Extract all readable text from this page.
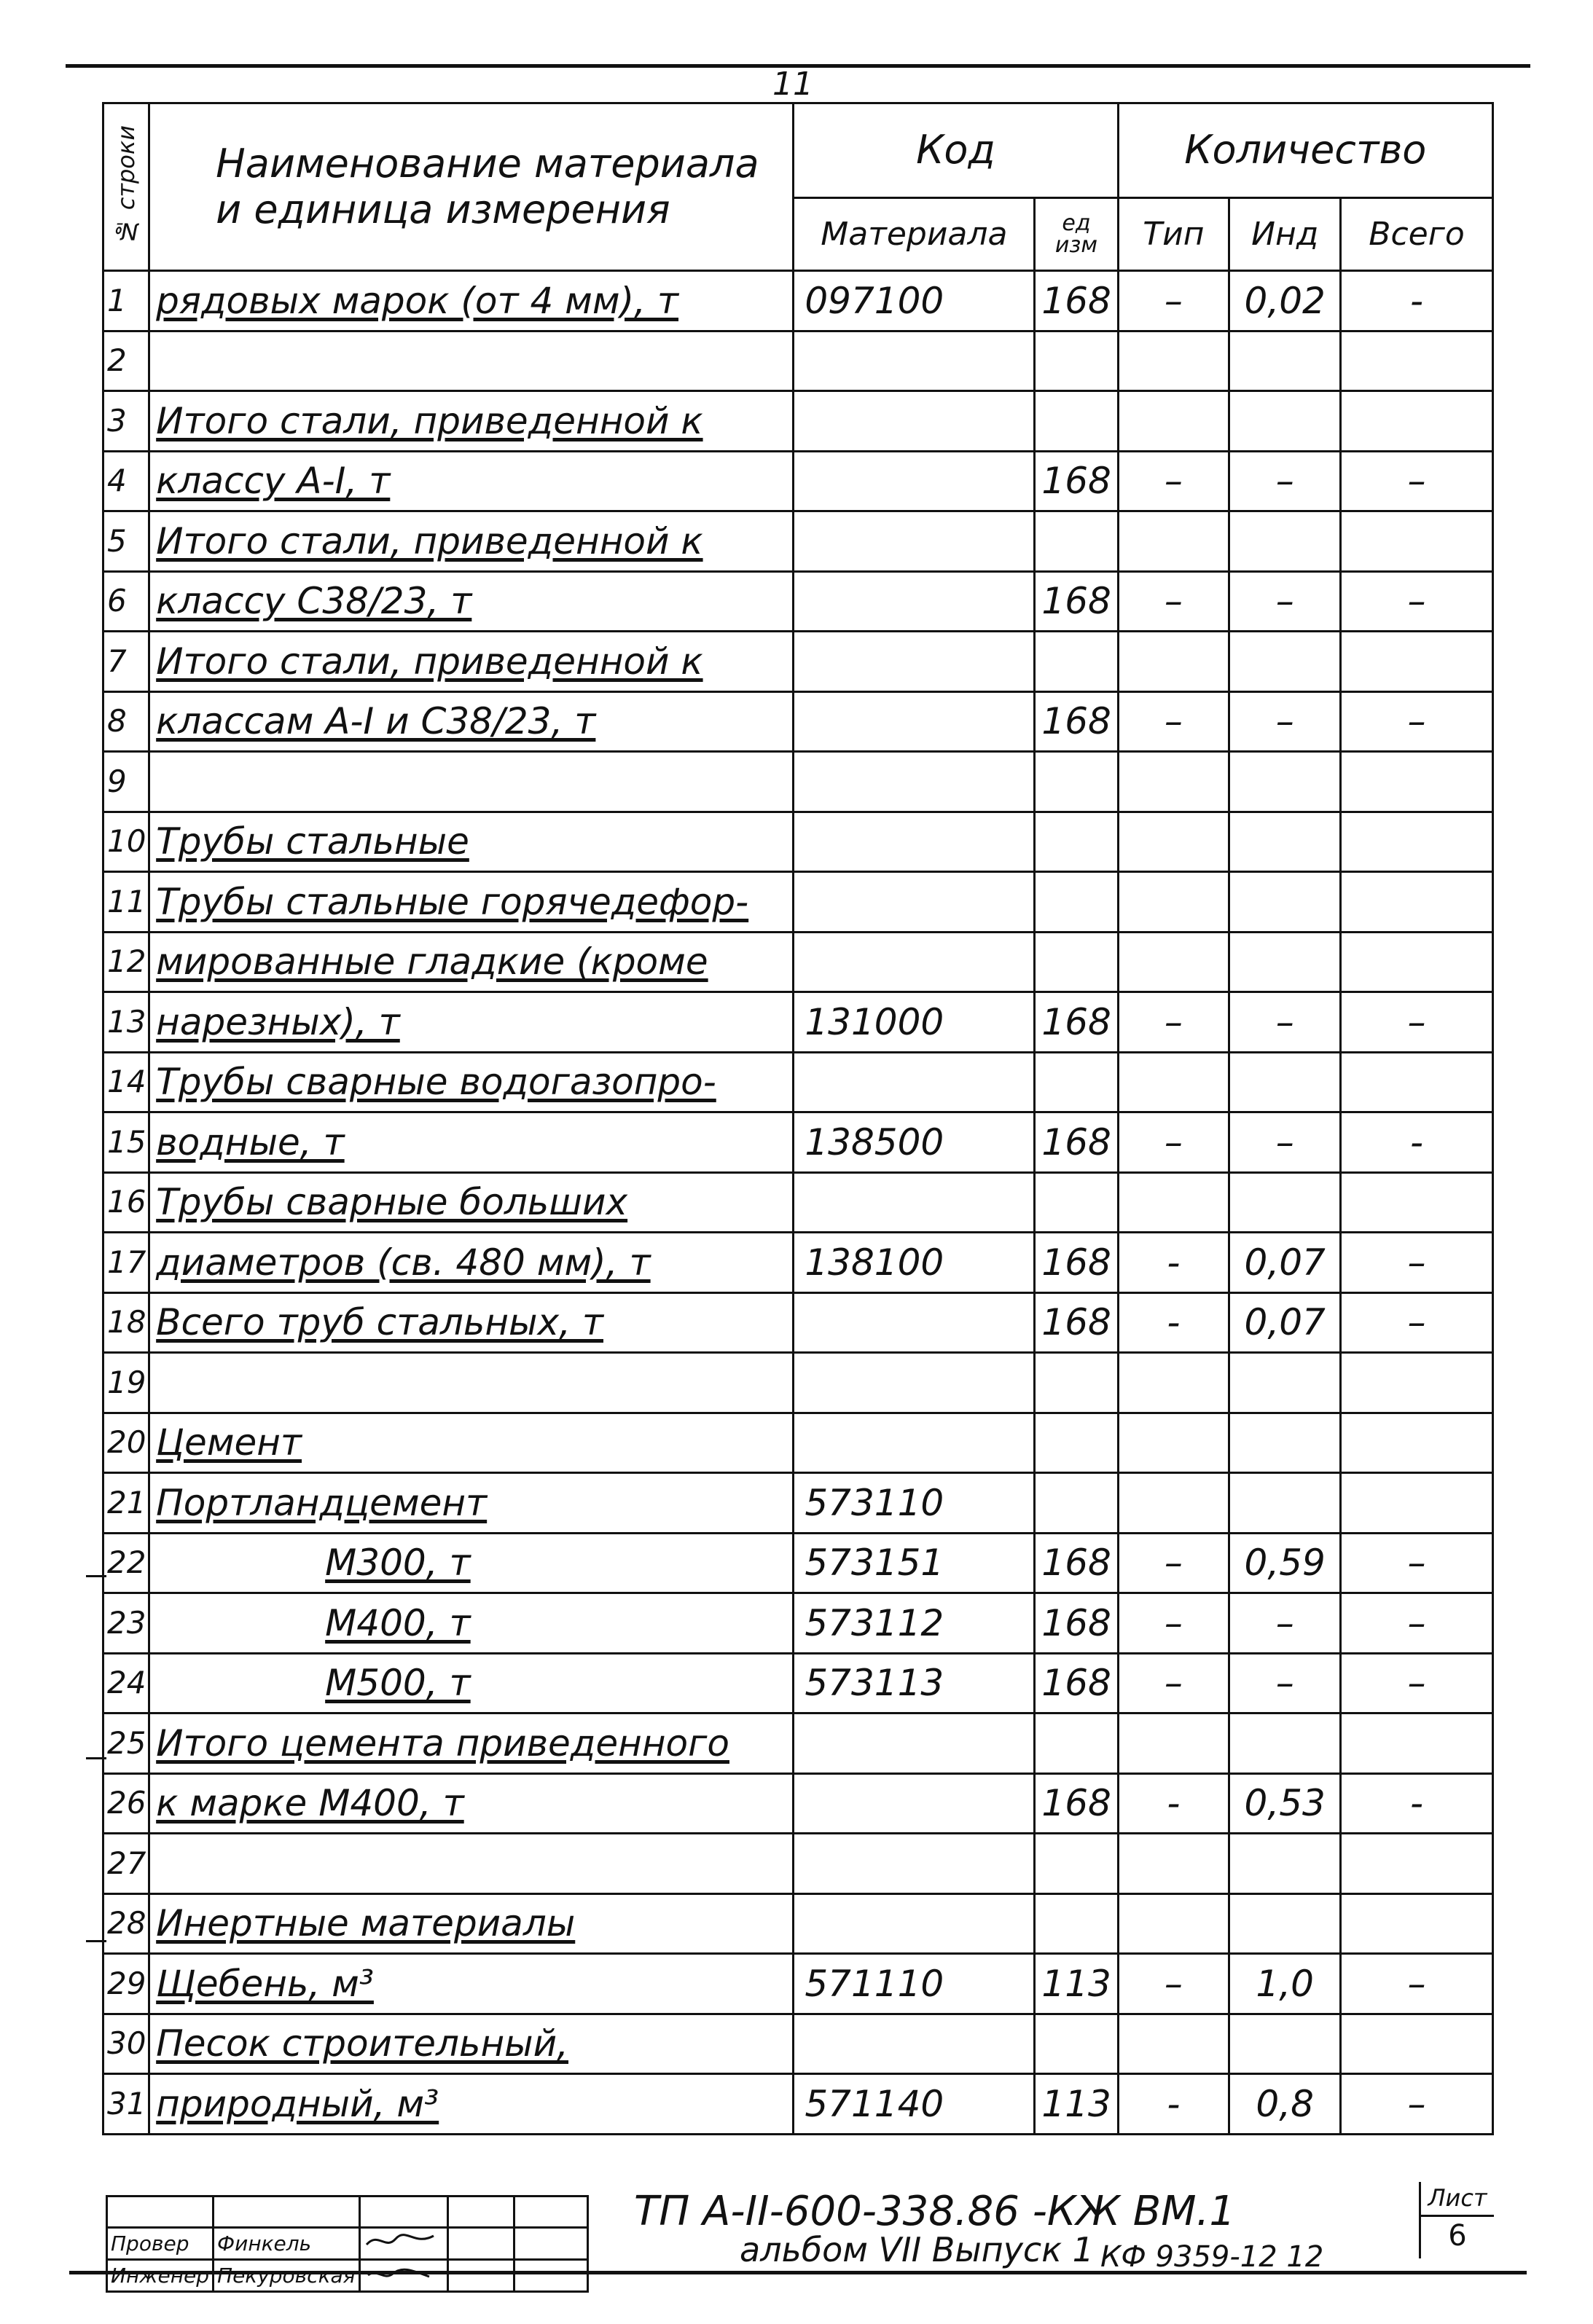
11
№ строки	Наименование материала
и единица измерения	Код		Количество		
		Материала	ед изм	Тип	Инд	Всего
1	рядовых марок (от 4 мм), т	097100	168	–	0,02	-
2						
3	Итого стали, приведенной к					
4	классу А-I, т		168	–	–	–
5	Итого стали, приведенной к					
6	классу С38/23, т		168	–	–	–
7	Итого стали, приведенной к					
8	классам А-I и С38/23, т		168	–	–	–
9						
10	Трубы стальные					
11	Трубы стальные горячедефор-					
12	мированные гладкие (кроме					
13	нарезных), т	131000	168	–	–	–
14	Трубы сварные водогазопро-					
15	водные, т	138500	168	–	–	-
16	Трубы сварные больших					
17	диаметров (св. 480 мм), т	138100	168	-	0,07	–
18	Всего труб стальных, т		168	-	0,07	–
19						
20	Цемент					
21	Портландцемент	573110				
22	М300, т	573151	168	–	0,59	–
23	М400, т	573112	168	–	–	–
24	М500, т	573113	168	–	–	–
25	Итого цемента приведенного					
26	к марке М400, т		168	-	0,53	-
27						
28	Инертные материалы					
29	Щебень, м³	571110	113	–	1,0	–
30	Песок строительный,					
31	природный, м³	571140	113	-	0,8	–

Провер	Финкель			
Инженер	Пекуровская			
ТП А-II-600-338.86 -КЖ ВМ.1
альбом VII Выпуск 1
Лист
6
КФ 9359-12 12
